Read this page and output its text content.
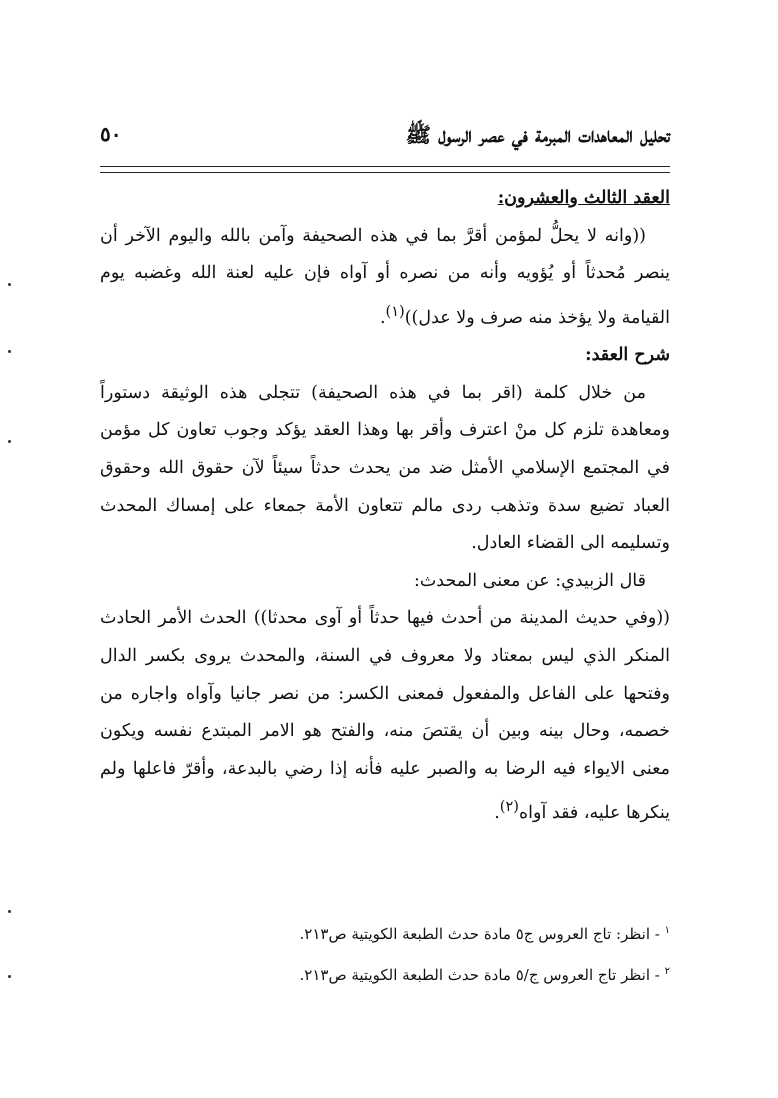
تحليل المعاهدات المبرمة في عصر الرسول ﷺ
٥٠

العقد الثالث والعشرون:

((وانه لا يحلُّ لمؤمن أقرَّ بما في هذه الصحيفة وآمن بالله واليوم الآخر أن ينصر مُحدثاً أو يُؤويه وأنه من نصره أو آواه فإن عليه لعنة الله وغضبه يوم القيامة ولا يؤخذ منه صرف ولا عدل))$^{(١)}$.

شرح العقد:

من خلال كلمة (اقر بما في هذه الصحيفة) تتجلى هذه الوثيقة دستوراً ومعاهدة تلزم كل منْ اعترف وأقر بها وهذا العقد يؤكد وجوب تعاون كل مؤمن في المجتمع الإسلامي الأمثل ضد من يحدث حدثاً سيئاً لآن حقوق الله وحقوق العباد تضيع سدة وتذهب ردى مالم تتعاون الأمة جمعاء على إمساك المحدث وتسليمه الى القضاء العادل.

قال الزبيدي: عن معنى المحدث:

((وفي حديث المدينة من أحدث فيها حدثاً أو آوى محدثا)) الحدث الأمر الحادث المنكر الذي ليس بمعتاد ولا معروف في السنة، والمحدث يروى بكسر الدال وفتحها على الفاعل والمفعول فمعنى الكسر: من نصر جانيا وآواه واجاره من خصمه، وحال بينه وبين أن يقتصَ منه، والفتح هو الامر المبتدع نفسه ويكون معنى الايواء فيه الرضا به والصبر عليه فأنه إذا رضي بالبدعة، وأقرّ فاعلها ولم ينكرها عليه، فقد آواه$^{(٢)}$.

$^١$ - انظر: تاج العروس ج٥ مادة حدث الطبعة الكويتية ص٢١٣.

$^٢$ - انظر تاج العروس ج/٥ مادة حدث الطبعة الكويتية ص٢١٣.
